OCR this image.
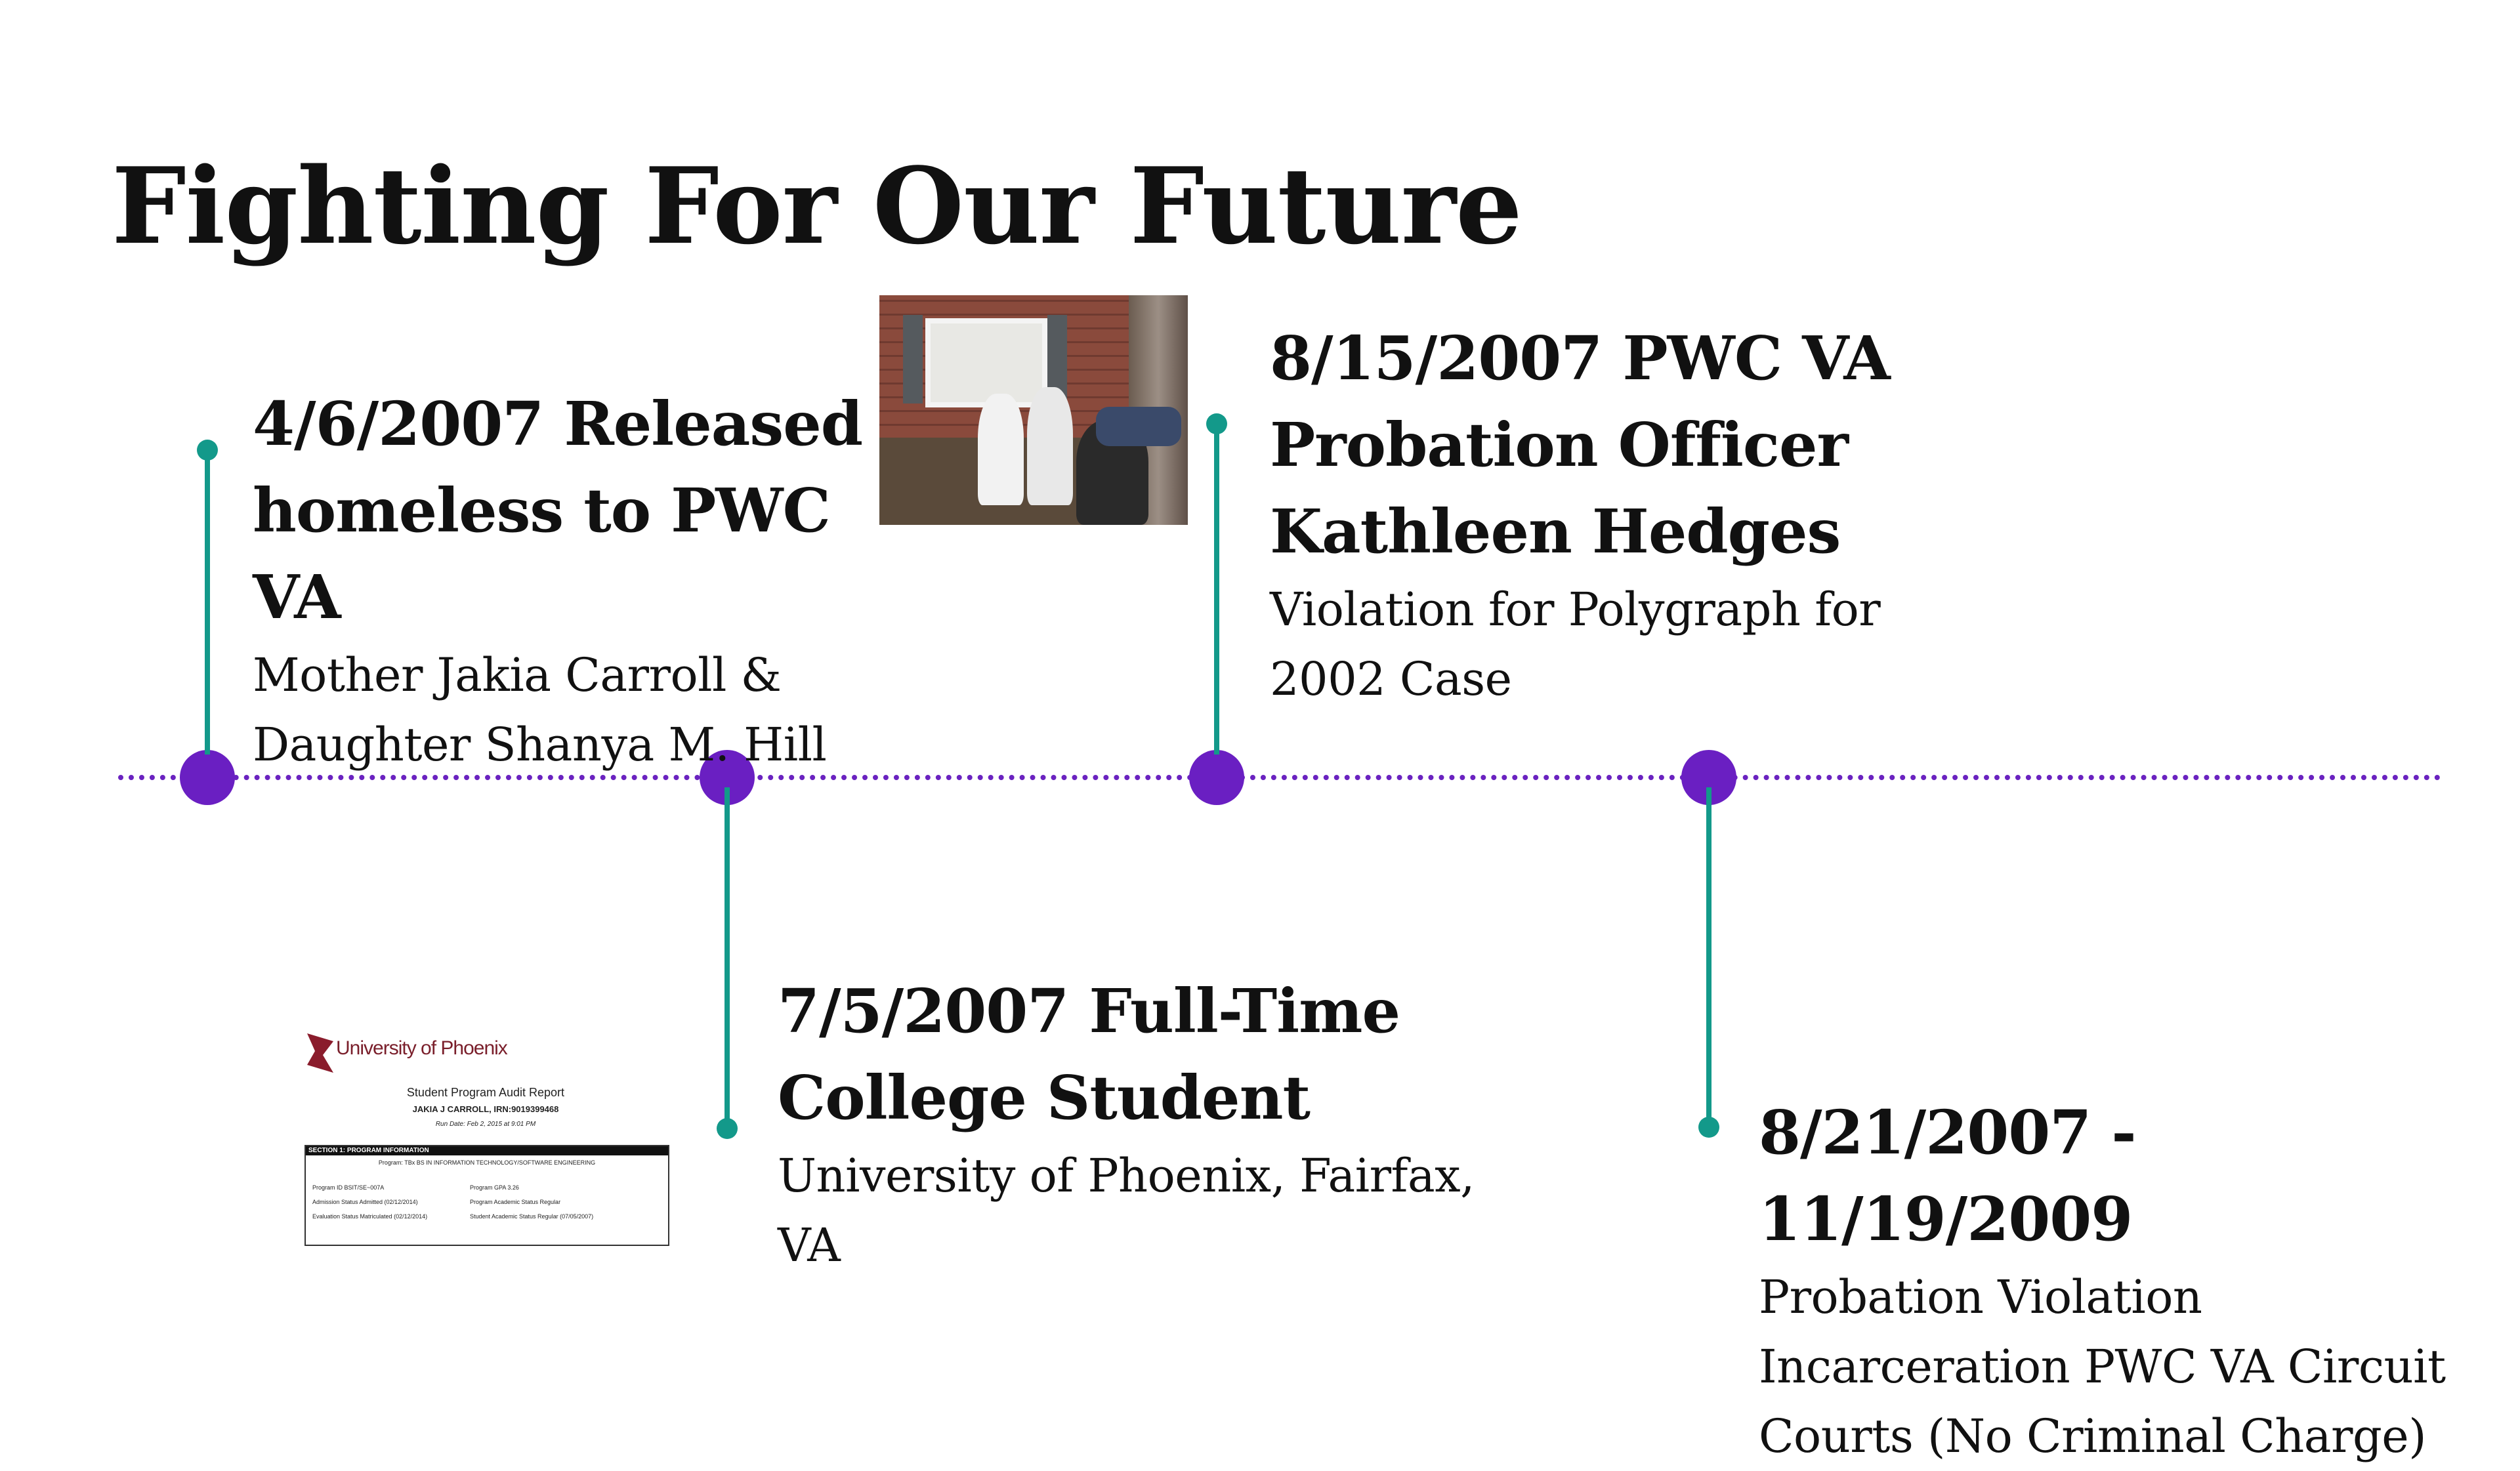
Fighting For Our Future
4/6/2007 Released homeless to PWC VA
Mother Jakia Carroll & Daughter Shanya M. Hill
7/5/2007 Full-Time College Student
University of Phoenix, Fairfax, VA
8/15/2007 PWC VA Probation Officer Kathleen Hedges
Violation for Polygraph for 2002 Case
8/21/2007 - 11/19/2009
Probation Violation Incarceration PWC VA Circuit Courts (No Criminal Charge)
University of Phoenix
Student Program Audit Report
JAKIA J CARROLL, IRN:9019399468
Run Date: Feb 2, 2015 at 9:01 PM
SECTION 1: PROGRAM INFORMATION
Program: TBx BS IN INFORMATION TECHNOLOGY/SOFTWARE ENGINEERING
Program ID BSIT/SE~007A	Program GPA 3.26
Admission Status Admitted (02/12/2014)	Program Academic Status Regular
Evaluation Status Matriculated (02/12/2014)	Student Academic Status Regular (07/05/2007)
